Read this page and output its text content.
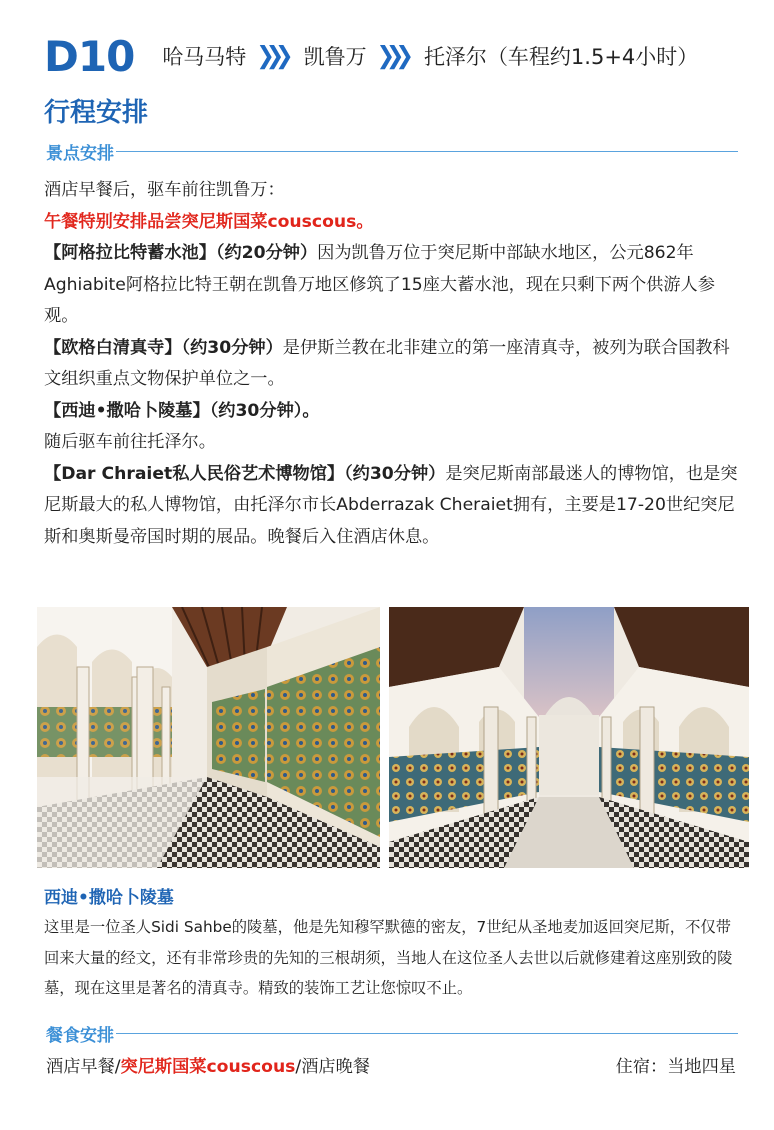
D10 哈马马特 ❯❯❯ 凯鲁万 ❯❯❯ 托泽尔 （车程约1.5+4小时）
行程安排
景点安排

酒店早餐后，驱车前往凯鲁万：

午餐特别安排品尝突尼斯国菜couscous。

【阿格拉比特蓄水池】（约20分钟）因为凯鲁万位于突尼斯中部缺水地区，公元862年Aghiabite阿格拉比特王朝在凯鲁万地区修筑了15座大蓄水池，现在只剩下两个供游人参观。

【欧格白清真寺】（约30分钟）是伊斯兰教在北非建立的第一座清真寺，被列为联合国教科文组织重点文物保护单位之一。

【西迪•撒哈卜陵墓】（约30分钟）。

随后驱车前往托泽尔。

【Dar Chraiet私人民俗艺术博物馆】（约30分钟）是突尼斯南部最迷人的博物馆，也是突尼斯最大的私人博物馆，由托泽尔市长Abderrazak Cheraiet拥有，主要是17-20世纪突尼斯和奥斯曼帝国时期的展品。晚餐后入住酒店休息。

西迪•撒哈卜陵墓
这里是一位圣人Sidi Sahbe的陵墓，他是先知穆罕默德的密友，7世纪从圣地麦加返回突尼斯，不仅带回来大量的经文，还有非常珍贵的先知的三根胡须，当地人在这位圣人去世以后就修建着这座别致的陵墓，现在这里是著名的清真寺。精致的装饰工艺让您惊叹不止。
餐食安排
酒店早餐/突尼斯国菜couscous/酒店晚餐	住宿：当地四星
